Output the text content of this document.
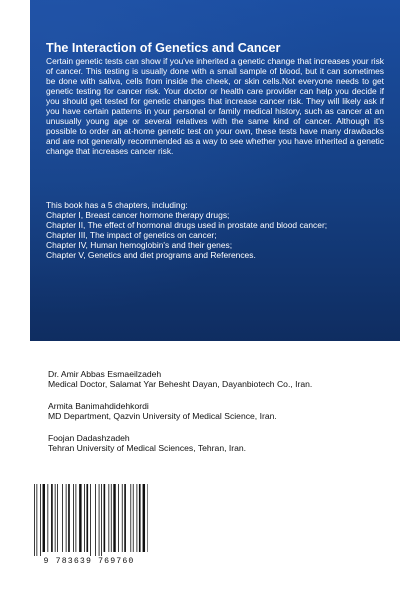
The Interaction of Genetics and Cancer

Certain genetic tests can show if you've inherited a genetic change that increases your risk of cancer. This testing is usually done with a small sample of blood, but it can sometimes be done with saliva, cells from inside the cheek, or skin cells.Not everyone needs to get genetic testing for cancer risk. Your doctor or health care provider can help you decide if you should get tested for genetic changes that increase cancer risk. They will likely ask if you have certain patterns in your personal or family medical history, such as cancer at an unusually young age or several relatives with the same kind of cancer. Although it's possible to order an at-home genetic test on your own, these tests have many drawbacks and are not generally recommended as a way to see whether you have inherited a genetic change that increases cancer risk.

This book has a 5 chapters, including:

Chapter I, Breast cancer hormone therapy drugs;
Chapter II, The effect of hormonal drugs used in prostate and blood cancer;
Chapter III, The impact of genetics on cancer;
Chapter IV, Human hemoglobin's and their genes;
Chapter V, Genetics and diet programs and References.
Dr. Amir Abbas Esmaeilzadeh
Medical Doctor, Salamat Yar Behesht Dayan, Dayanbiotech Co., Iran.
Armita Banimahdidehkordi
MD Department, Qazvin University of Medical Science, Iran.
Foojan Dadashzadeh
Tehran University of Medical Sciences, Tehran, Iran.
9 783639 769760
